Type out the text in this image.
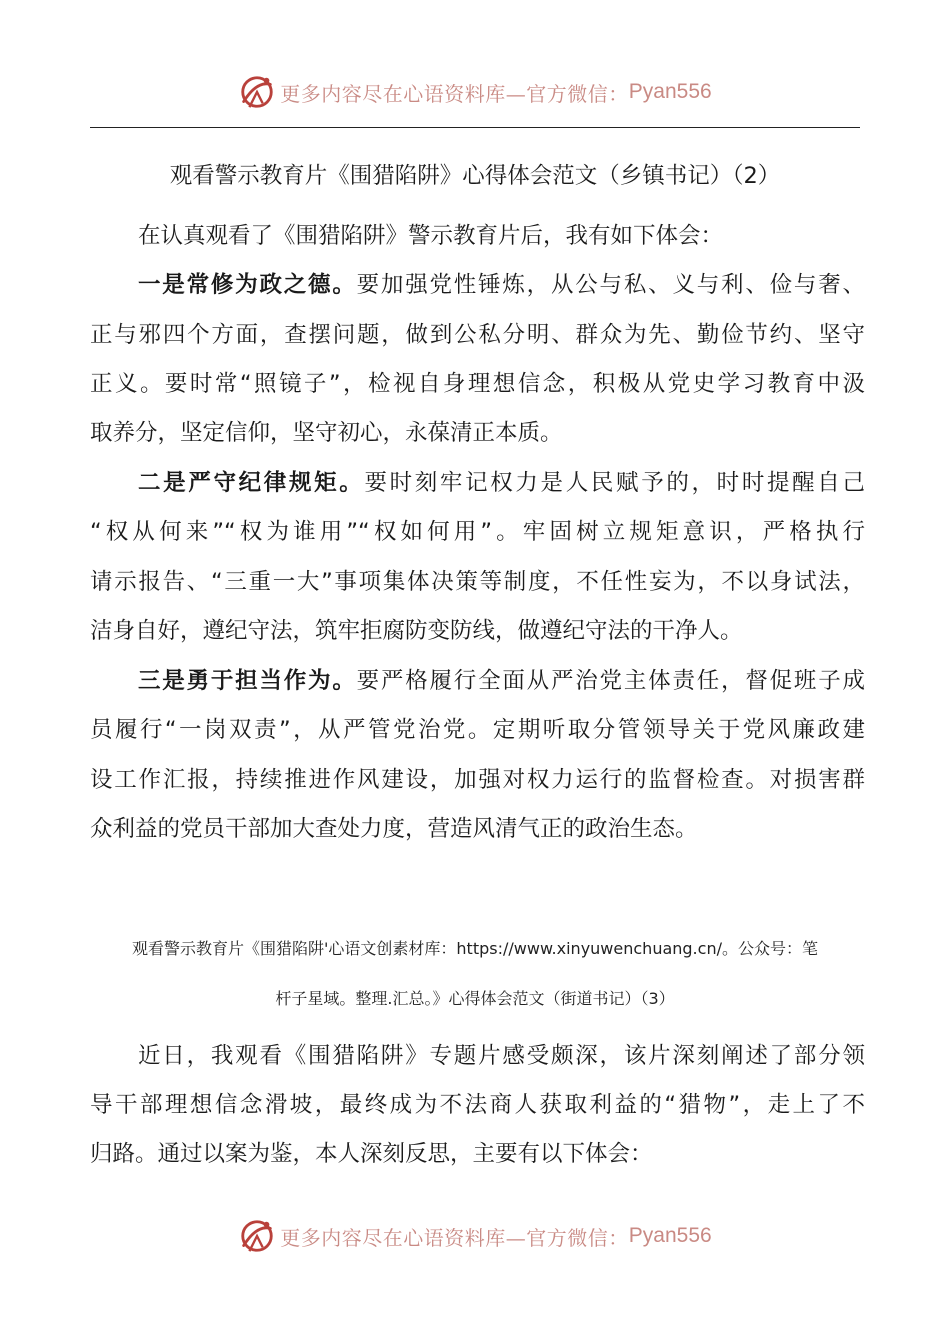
更多内容尽在心语资料库—官方微信： Pyan556
观看警示教育片《围猎陷阱》心得体会范文（乡镇书记）（2）
在认真观看了《围猎陷阱》警示教育片后，我有如下体会：
一是常修为政之德。要加强党性锤炼，从公与私、义与利、俭与奢、
正与邪四个方面，查摆问题，做到公私分明、群众为先、勤俭节约、坚守
正义。要时常“照镜子”，检视自身理想信念，积极从党史学习教育中汲
取养分，坚定信仰，坚守初心，永葆清正本质。
二是严守纪律规矩。要时刻牢记权力是人民赋予的，时时提醒自己
“权从何来”“权为谁用”“权如何用”。牢固树立规矩意识，严格执行
请示报告、“三重一大”事项集体决策等制度，不任性妄为，不以身试法，
洁身自好，遵纪守法，筑牢拒腐防变防线，做遵纪守法的干净人。
三是勇于担当作为。要严格履行全面从严治党主体责任，督促班子成
员履行“一岗双责”，从严管党治党。定期听取分管领导关于党风廉政建
设工作汇报，持续推进作风建设，加强对权力运行的监督检查。对损害群
众利益的党员干部加大查处力度，营造风清气正的政治生态。
观看警示教育片《围猎陷阱'心语文创素材库：https://www.xinyuwenchuang.cn/。公众号：笔
杆子星域。整理.汇总。》心得体会范文（街道书记）（3）
近日，我观看《围猎陷阱》专题片感受颇深，该片深刻阐述了部分领
导干部理想信念滑坡，最终成为不法商人获取利益的“猎物”，走上了不
归路。通过以案为鉴，本人深刻反思，主要有以下体会：
更多内容尽在心语资料库—官方微信： Pyan556
